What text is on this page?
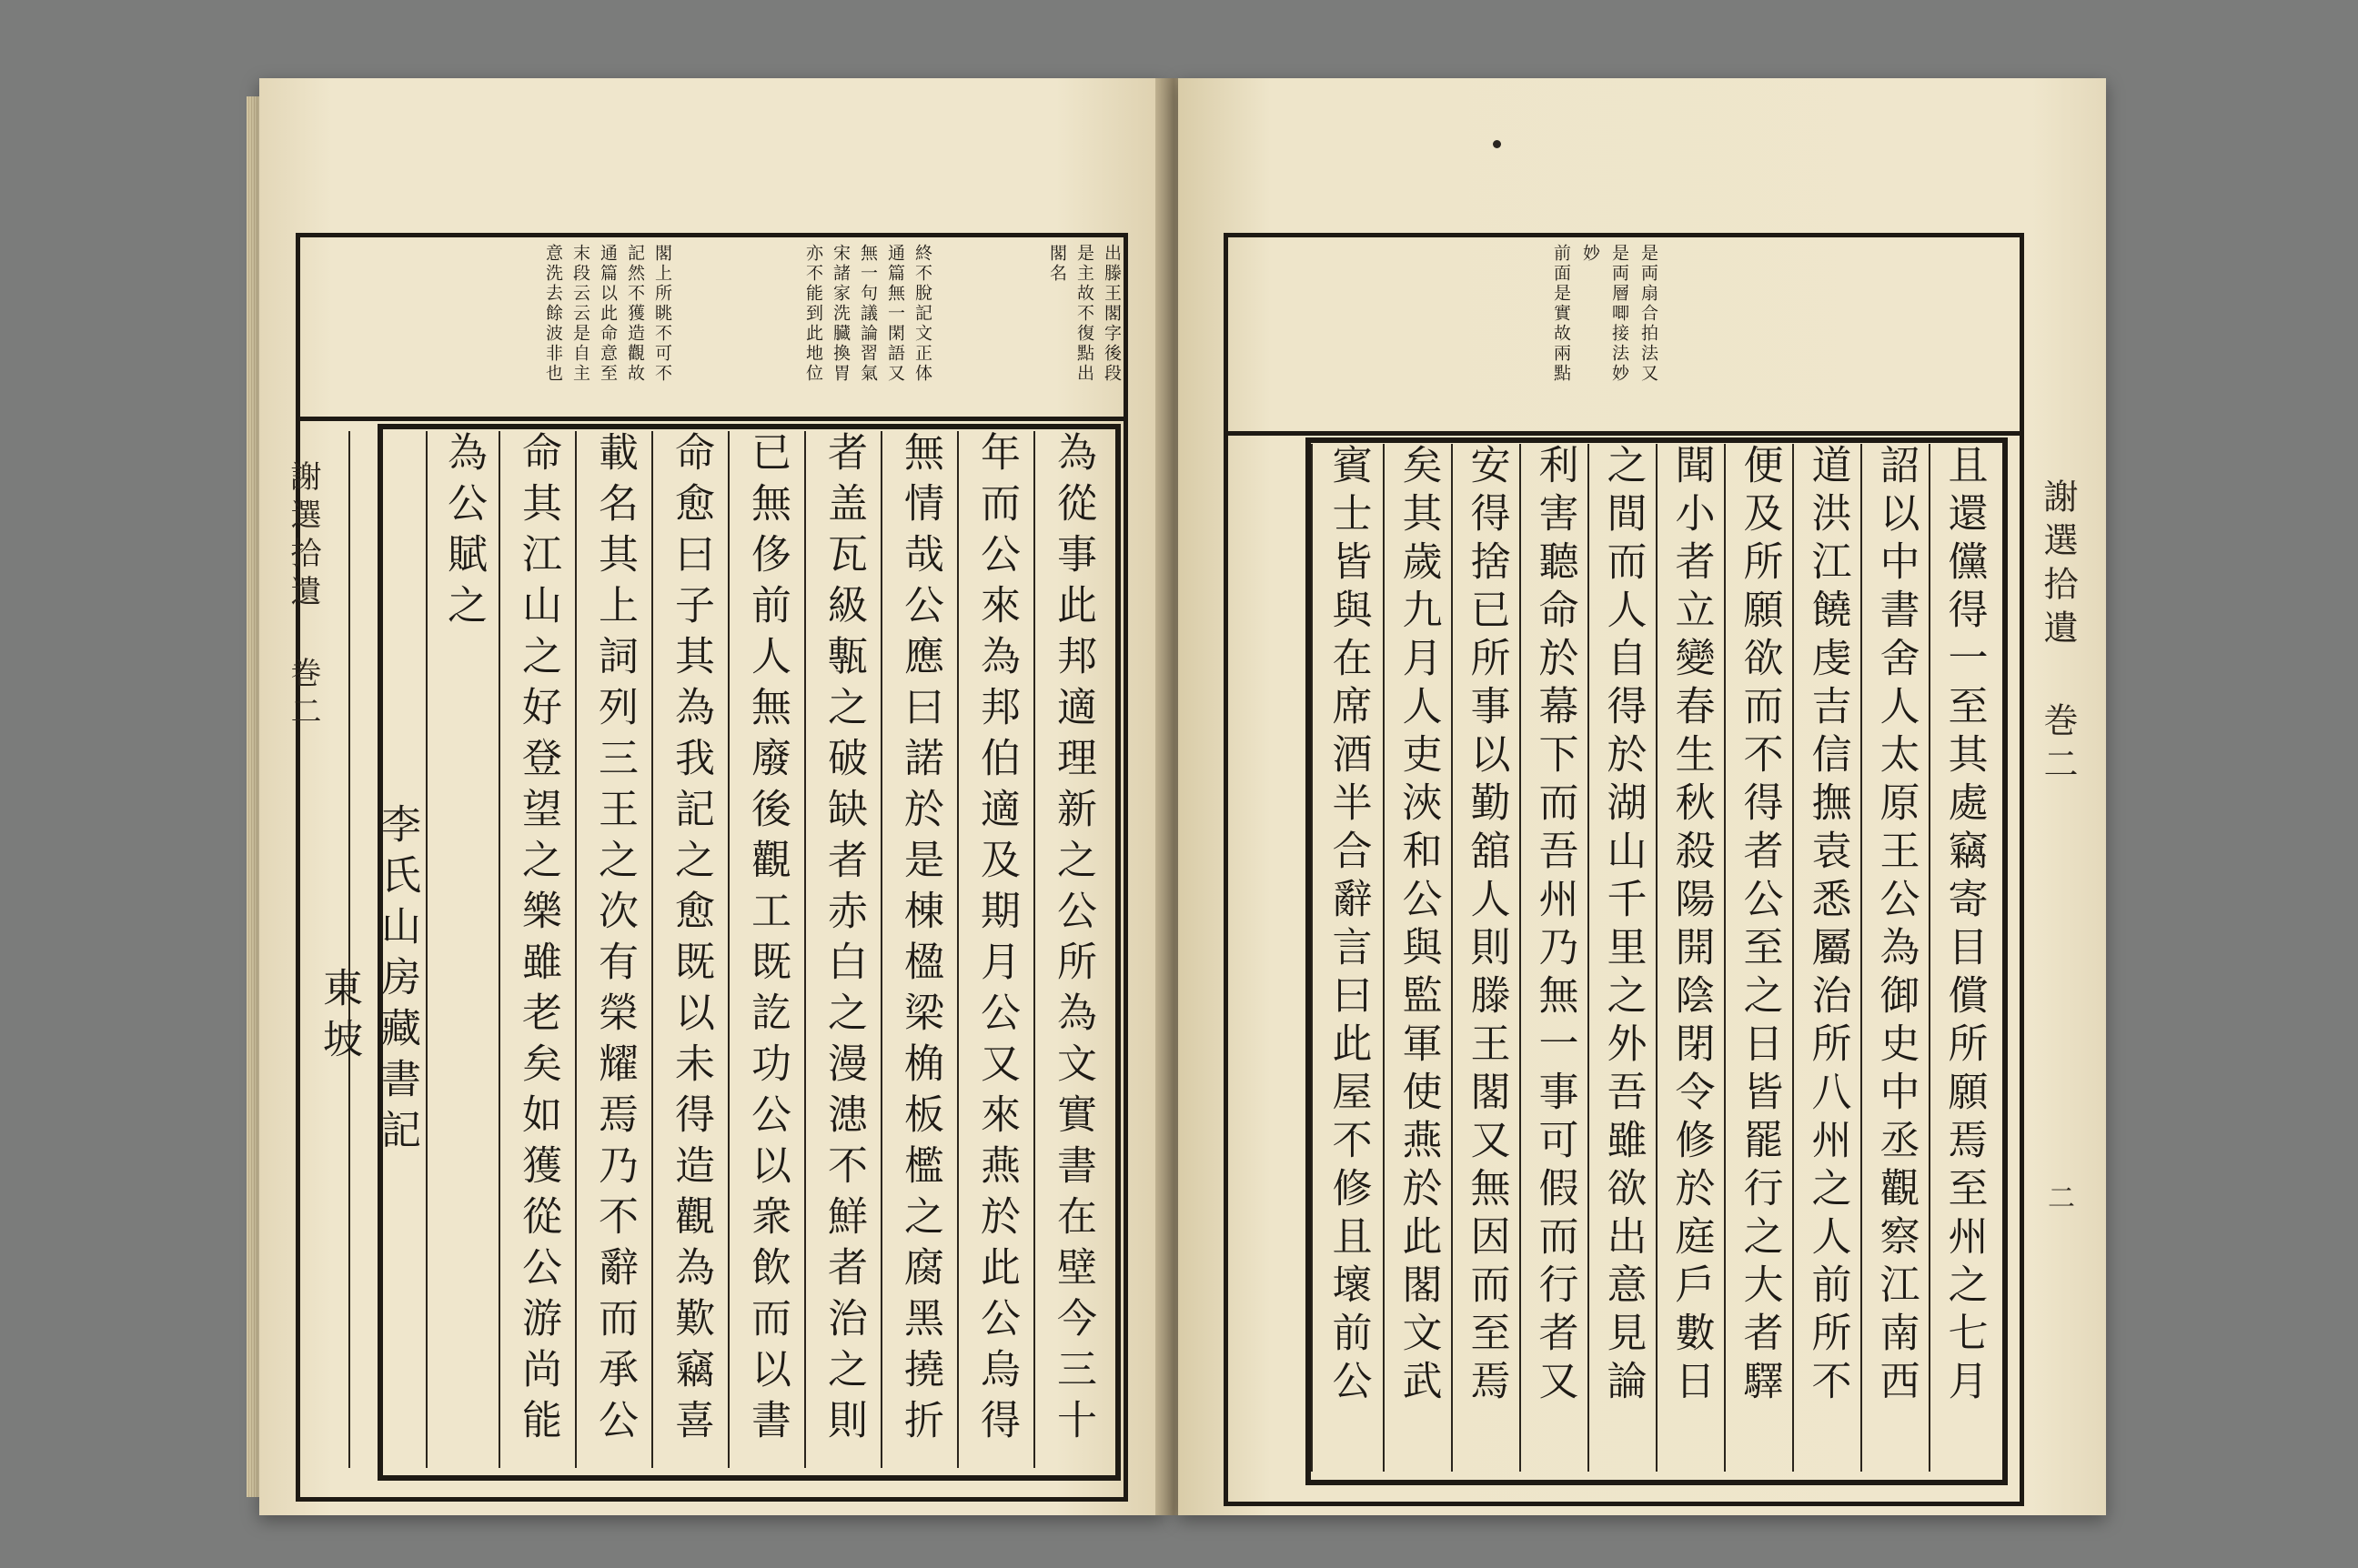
出滕王閣字後段
是主故不復點出
閣名
終不脫記文正体
通篇無一閑語又
無一句議論習氣
宋諸家洗臓換胃
亦不能到此地位
閣上所眺不可不
記然不獲造觀故
通篇以此命意至
末段云云是自主
意洗去餘波非也
為從事此邦適理新之公所為文實書在壁今三十
年而公來為邦伯適及期月公又來燕於此公烏得
無情哉公應曰諾於是棟楹梁桷板檻之腐黑撓折
者盖瓦級甎之破缺者赤白之漫漶不鮮者治之則
已無侈前人無廢後觀工既訖功公以衆飲而以書
命愈曰子其為我記之愈既以未得造觀為歎竊喜
載名其上詞列三王之次有榮耀焉乃不辭而承公
命其江山之好登望之樂雖老矣如獲從公游尚能
為公賦之
李氏山房藏書記
東坡
謝選拾遺 巻二
是両扇合拍法又
是両層唧接法妙
妙
前面是實故兩點
且還儻得一至其處竊寄目償所願焉至州之七月
詔以中書舍人太原王公為御史中丞觀察江南西
道洪江饒虔吉信撫袁悉屬治所八州之人前所不
便及所願欲而不得者公至之日皆罷行之大者驛
聞小者立變春生秋殺陽開陰閉令修於庭戶數日
之間而人自得於湖山千里之外吾雖欲出意見論
利害聽命於幕下而吾州乃無一事可假而行者又
安得捨已所事以勤舘人則滕王閣又無因而至焉
矣其歲九月人吏浹和公與監軍使燕於此閣文武
賓士皆與在席酒半合辭言曰此屋不修且壞前公	謝選拾遺 巻二
二
